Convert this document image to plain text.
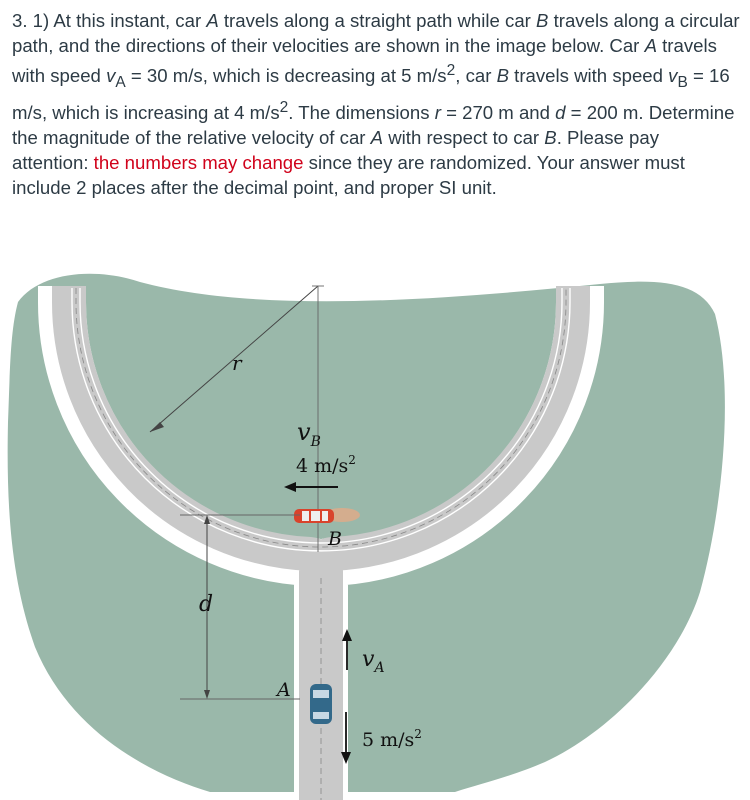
3. 1) At this instant, car A travels along a straight path while car B travels along a circular path, and the directions of their velocities are shown in the image below. Car A travels with speed $v_A = 30$ m/s, which is decreasing at 5 $m/s^2$, car B travels with speed $v_B = 16$ m/s, which is increasing at 4 $m/s^2$. The dimensions r = 270 m and d = 200 m. Determine the magnitude of the relative velocity of car A with respect to car B. Please pay attention: the numbers may change since they are randomized. Your answer must include 2 places after the decimal point, and proper SI unit.

r
$v_B$
4 $m/s^2$
B
d
$v_A$
A
5 $m/s^2$
